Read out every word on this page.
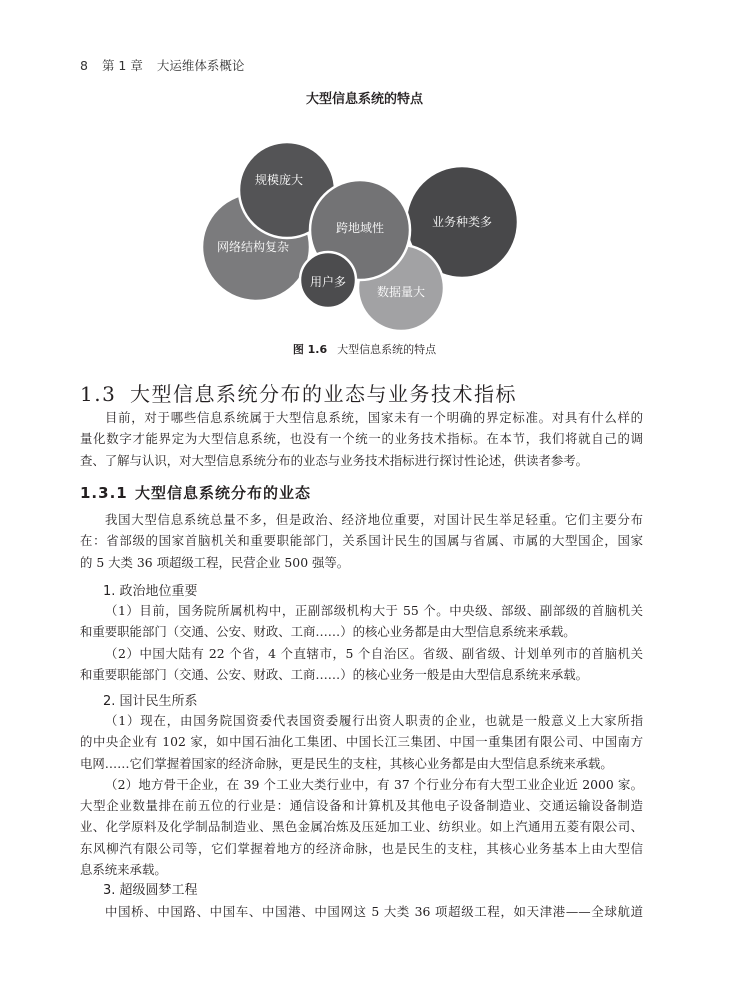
8 第 1 章 大运维体系概论
大型信息系统的特点
网络结构复杂
规模庞大
业务种类多
数据量大
跨地域性
用户多
图 1.6 大型信息系统的特点
1.3 大型信息系统分布的业态与业务技术指标
目前，对于哪些信息系统属于大型信息系统，国家未有一个明确的界定标准。对具有什么样的
量化数字才能界定为大型信息系统，也没有一个统一的业务技术指标。在本节，我们将就自己的调
查、了解与认识，对大型信息系统分布的业态与业务技术指标进行探讨性论述，供读者参考。
1.3.1 大型信息系统分布的业态
我国大型信息系统总量不多，但是政治、经济地位重要，对国计民生举足轻重。它们主要分布
在：省部级的国家首脑机关和重要职能部门，关系国计民生的国属与省属、市属的大型国企，国家
的 5 大类 36 项超级工程，民营企业 500 强等。
1. 政治地位重要
（1）目前，国务院所属机构中，正副部级机构大于 55 个。中央级、部级、副部级的首脑机关
和重要职能部门（交通、公安、财政、工商……）的核心业务都是由大型信息系统来承载。
（2）中国大陆有 22 个省，4 个直辖市，5 个自治区。省级、副省级、计划单列市的首脑机关
和重要职能部门（交通、公安、财政、工商……）的核心业务一般是由大型信息系统来承载。
2. 国计民生所系
（1）现在，由国务院国资委代表国资委履行出资人职责的企业，也就是一般意义上大家所指
的中央企业有 102 家，如中国石油化工集团、中国长江三集团、中国一重集团有限公司、中国南方
电网……它们掌握着国家的经济命脉，更是民生的支柱，其核心业务都是由大型信息系统来承载。
（2）地方骨干企业，在 39 个工业大类行业中，有 37 个行业分布有大型工业企业近 2000 家。
大型企业数量排在前五位的行业是：通信设备和计算机及其他电子设备制造业、交通运输设备制造
业、化学原料及化学制品制造业、黑色金属冶炼及压延加工业、纺织业。如上汽通用五菱有限公司、
东风柳汽有限公司等，它们掌握着地方的经济命脉，也是民生的支柱，其核心业务基本上由大型信
息系统来承载。
3. 超级圆梦工程
中国桥、中国路、中国车、中国港、中国网这 5 大类 36 项超级工程，如天津港——全球航道
